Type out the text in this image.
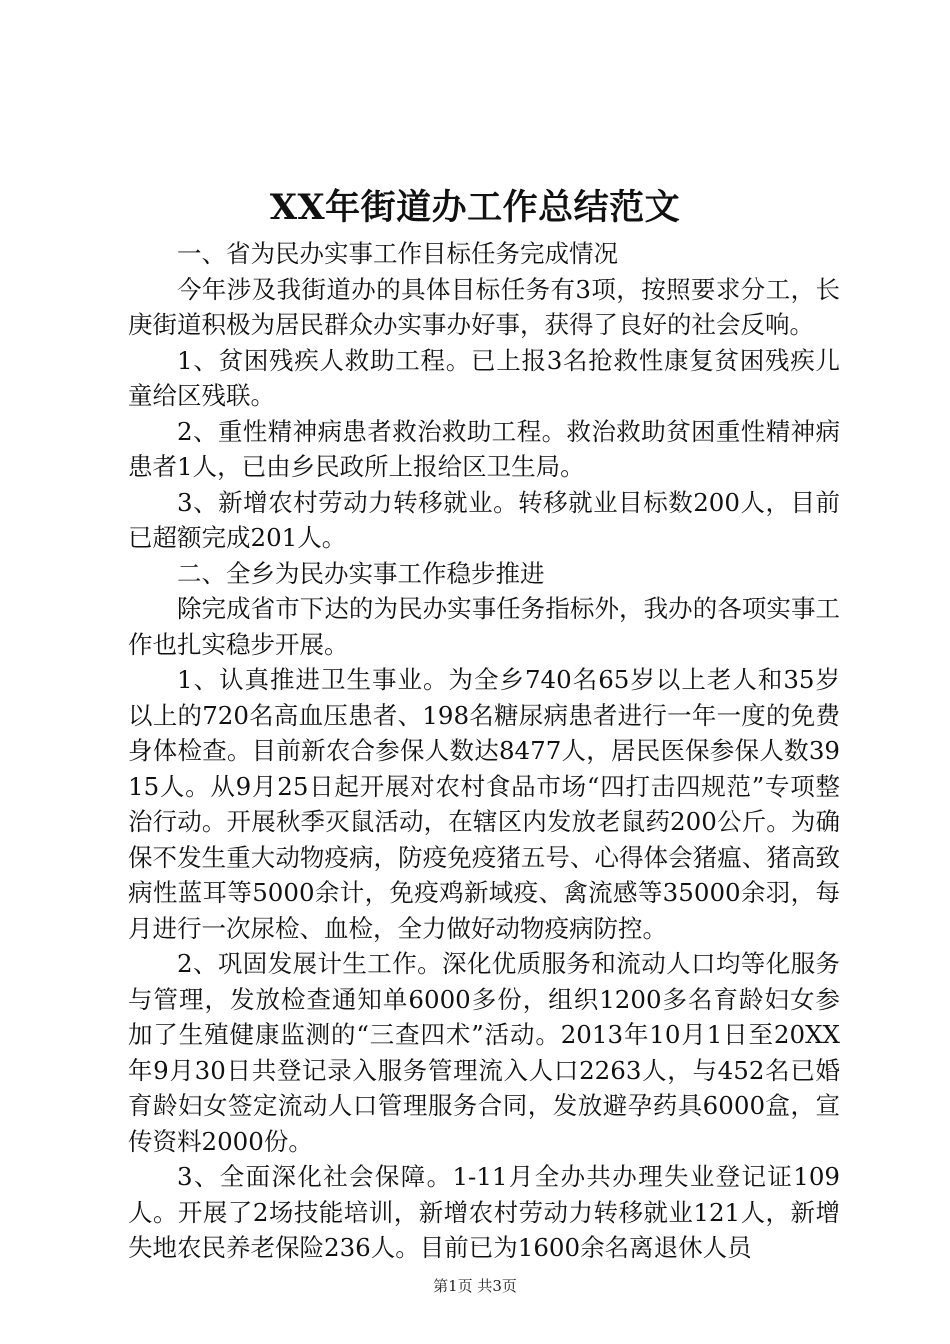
XX年街道办工作总结范文

一、省为民办实事工作目标任务完成情况

今年涉及我街道办的具体目标任务有3项，按照要求分工，长庚街道积极为居民群众办实事办好事，获得了良好的社会反响。

1、贫困残疾人救助工程。已上报3名抢救性康复贫困残疾儿童给区残联。

2、重性精神病患者救治救助工程。救治救助贫困重性精神病患者1人，已由乡民政所上报给区卫生局。

3、新增农村劳动力转移就业。转移就业目标数200人，目前已超额完成201人。

二、全乡为民办实事工作稳步推进

除完成省市下达的为民办实事任务指标外，我办的各项实事工作也扎实稳步开展。

1、认真推进卫生事业。为全乡740名65岁以上老人和35岁以上的720名高血压患者、198名糖尿病患者进行一年一度的免费身体检查。目前新农合参保人数达8477人，居民医保参保人数3915人。从9月25日起开展对农村食品市场“四打击四规范”专项整治行动。开展秋季灭鼠活动，在辖区内发放老鼠药200公斤。为确保不发生重大动物疫病，防疫免疫猪五号、心得体会猪瘟、猪高致病性蓝耳等5000余计，免疫鸡新域疫、禽流感等35000余羽，每月进行一次尿检、血检，全力做好动物疫病防控。

2、巩固发展计生工作。深化优质服务和流动人口均等化服务与管理，发放检查通知单6000多份，组织1200多名育龄妇女参加了生殖健康监测的“三查四术”活动。2013年10月1日至20XX年9月30日共登记录入服务管理流入人口2263人，与452名已婚育龄妇女签定流动人口管理服务合同，发放避孕药具6000盒，宣传资料2000份。

3、全面深化社会保障。1-11月全办共办理失业登记证109人。开展了2场技能培训，新增农村劳动力转移就业121人，新增失地农民养老保险236人。目前已为1600余名离退休人员

第1页 共3页
